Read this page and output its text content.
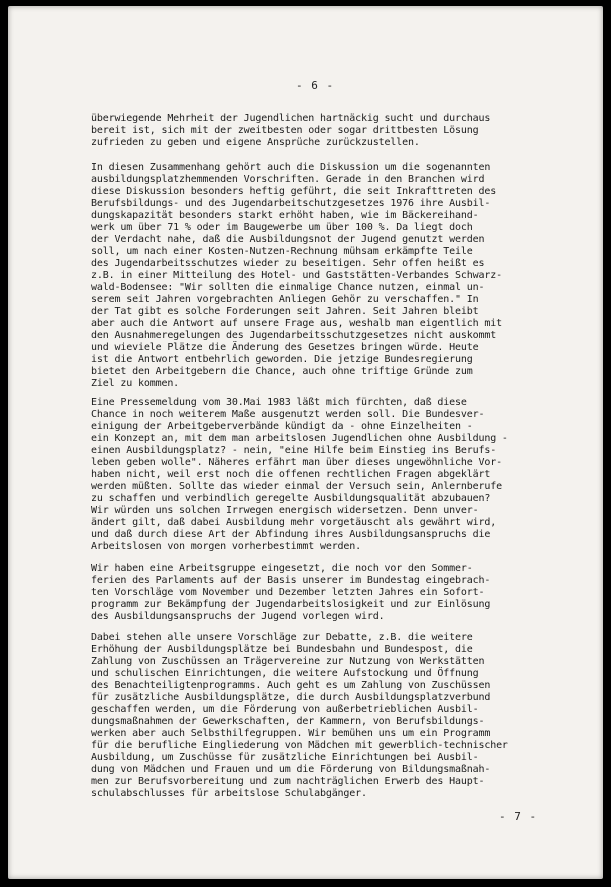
- 6 -
überwiegende Mehrheit der Jugendlichen hartnäckig sucht und durchaus
bereit ist, sich mit der zweitbesten oder sogar drittbesten Lösung
zufrieden zu geben und eigene Ansprüche zurückzustellen.
In diesen Zusammenhang gehört auch die Diskussion um die sogenannten
ausbildungsplatzhemmenden Vorschriften. Gerade in den Branchen wird
diese Diskussion besonders heftig geführt, die seit Inkrafttreten des
Berufsbildungs- und des Jugendarbeitschutzgesetzes 1976 ihre Ausbil-
dungskapazität besonders starkt erhöht haben, wie im Bäckereihand-
werk um über 71 % oder im Baugewerbe um über 100 %. Da liegt doch
der Verdacht nahe, daß die Ausbildungsnot der Jugend genutzt werden
soll, um nach einer Kosten-Nutzen-Rechnung mühsam erkämpfte Teile
des Jugendarbeitsschutzes wieder zu beseitigen. Sehr offen heißt es
z.B. in einer Mitteilung des Hotel- und Gaststätten-Verbandes Schwarz-
wald-Bodensee: "Wir sollten die einmalige Chance nutzen, einmal un-
serem seit Jahren vorgebrachten Anliegen Gehör zu verschaffen." In
der Tat gibt es solche Forderungen seit Jahren. Seit Jahren bleibt
aber auch die Antwort auf unsere Frage aus, weshalb man eigentlich mit
den Ausnahmeregelungen des Jugendarbeitsschutzgesetzes nicht auskommt
und wieviele Plätze die Änderung des Gesetzes bringen würde. Heute
ist die Antwort entbehrlich geworden. Die jetzige Bundesregierung
bietet den Arbeitgebern die Chance, auch ohne triftige Gründe zum
Ziel zu kommen.
Eine Pressemeldung vom 30.Mai 1983 läßt mich fürchten, daß diese
Chance in noch weiterem Maße ausgenutzt werden soll. Die Bundesver-
einigung der Arbeitgeberverbände kündigt da - ohne Einzelheiten -
ein Konzept an, mit dem man arbeitslosen Jugendlichen ohne Ausbildung -
einen Ausbildungsplatz? - nein, "eine Hilfe beim Einstieg ins Berufs-
leben geben wolle". Näheres erfährt man über dieses ungewöhnliche Vor-
haben nicht, weil erst noch die offenen rechtlichen Fragen abgeklärt
werden müßten. Sollte das wieder einmal der Versuch sein, Anlernberufe
zu schaffen und verbindlich geregelte Ausbildungsqualität abzubauen?
Wir würden uns solchen Irrwegen energisch widersetzen. Denn unver-
ändert gilt, daß dabei Ausbildung mehr vorgetäuscht als gewährt wird,
und daß durch diese Art der Abfindung ihres Ausbildungsanspruchs die
Arbeitslosen von morgen vorherbestimmt werden.
Wir haben eine Arbeitsgruppe eingesetzt, die noch vor den Sommer-
ferien des Parlaments auf der Basis unserer im Bundestag eingebrach-
ten Vorschläge vom November und Dezember letzten Jahres ein Sofort-
programm zur Bekämpfung der Jugendarbeitslosigkeit und zur Einlösung
des Ausbildungsanspruchs der Jugend vorlegen wird.
Dabei stehen alle unsere Vorschläge zur Debatte, z.B. die weitere
Erhöhung der Ausbildungsplätze bei Bundesbahn und Bundespost, die
Zahlung von Zuschüssen an Trägervereine zur Nutzung von Werkstätten
und schulischen Einrichtungen, die weitere Aufstockung und Öffnung
des Benachteiligtenprogramms. Auch geht es um Zahlung von Zuschüssen
für zusätzliche Ausbildungsplätze, die durch Ausbildungsplatzverbund
geschaffen werden, um die Förderung von außerbetrieblichen Ausbil-
dungsmaßnahmen der Gewerkschaften, der Kammern, von Berufsbildungs-
werken aber auch Selbsthilfegruppen. Wir bemühen uns um ein Programm
für die berufliche Eingliederung von Mädchen mit gewerblich-technischer
Ausbildung, um Zuschüsse für zusätzliche Einrichtungen bei Ausbil-
dung von Mädchen und Frauen und um die Förderung von Bildungsmaßnah-
men zur Berufsvorbereitung und zum nachträglichen Erwerb des Haupt-
schulabschlusses für arbeitslose Schulabgänger.
- 7 -
